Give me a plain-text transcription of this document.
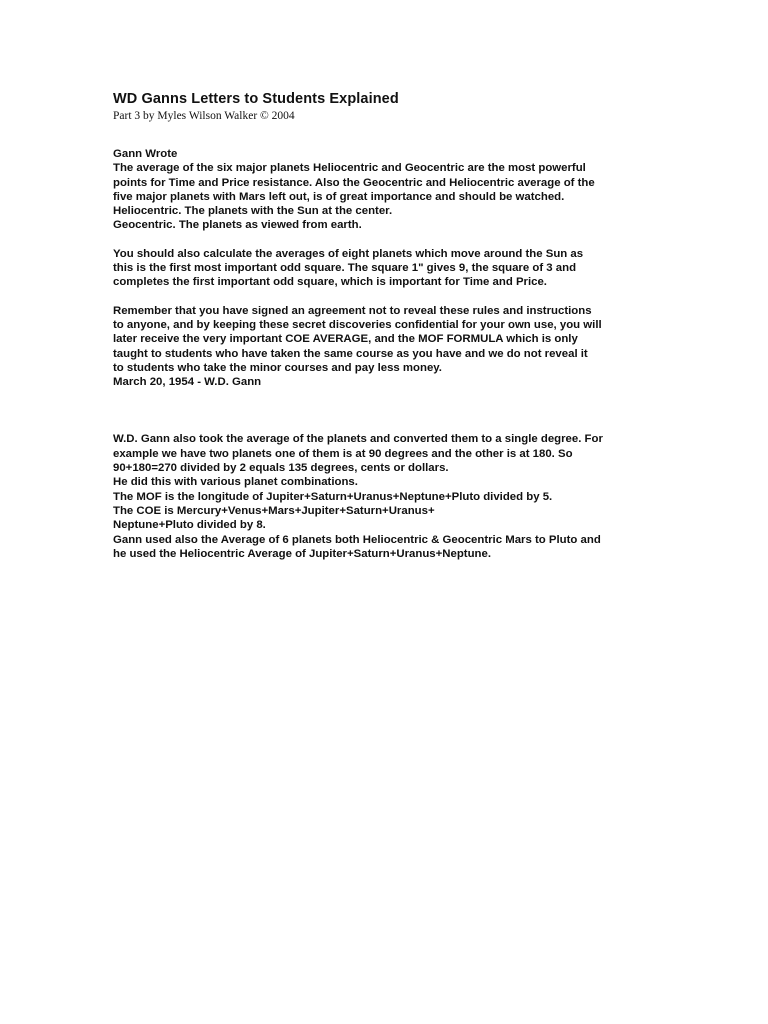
WD Ganns Letters to Students Explained

Part 3 by Myles Wilson Walker © 2004

Gann Wrote
The average of the six major planets Heliocentric and Geocentric are the most powerful
points for Time and Price resistance. Also the Geocentric and Heliocentric average of the
five major planets with Mars left out, is of great importance and should be watched.
Heliocentric. The planets with the Sun at the center.
Geocentric. The planets as viewed from earth.
You should also calculate the averages of eight planets which move around the Sun as
this is the first most important odd square. The square 1" gives 9, the square of 3 and
completes the first important odd square, which is important for Time and Price.
Remember that you have signed an agreement not to reveal these rules and instructions
to anyone, and by keeping these secret discoveries confidential for your own use, you will
later receive the very important COE AVERAGE, and the MOF FORMULA which is only
taught to students who have taken the same course as you have and we do not reveal it
to students who take the minor courses and pay less money.
March 20, 1954 - W.D. Gann
W.D. Gann also took the average of the planets and converted them to a single degree. For
example we have two planets one of them is at 90 degrees and the other is at 180. So
90+180=270 divided by 2 equals 135 degrees, cents or dollars.
He did this with various planet combinations.
The MOF is the longitude of Jupiter+Saturn+Uranus+Neptune+Pluto divided by 5.
The COE is Mercury+Venus+Mars+Jupiter+Saturn+Uranus+
Neptune+Pluto divided by 8.
Gann used also the Average of 6 planets both Heliocentric & Geocentric Mars to Pluto and
he used the Heliocentric Average of Jupiter+Saturn+Uranus+Neptune.
